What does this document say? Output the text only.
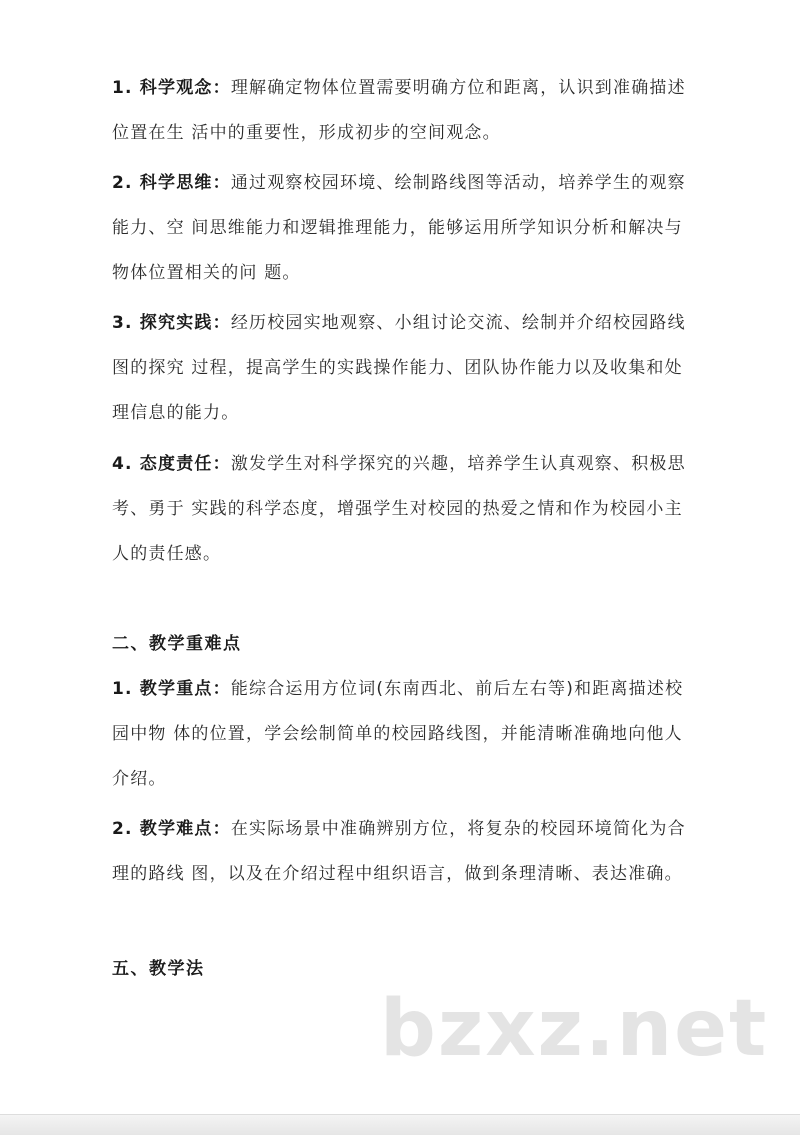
1. 科学观念：理解确定物体位置需要明确方位和距离，认识到准确描述位置在生 活中的重要性，形成初步的空间观念。
2. 科学思维：通过观察校园环境、绘制路线图等活动，培养学生的观察能力、空 间思维能力和逻辑推理能力，能够运用所学知识分析和解决与物体位置相关的问 题。
3. 探究实践：经历校园实地观察、小组讨论交流、绘制并介绍校园路线图的探究 过程，提高学生的实践操作能力、团队协作能力以及收集和处理信息的能力。
4. 态度责任：激发学生对科学探究的兴趣，培养学生认真观察、积极思考、勇于 实践的科学态度，增强学生对校园的热爱之情和作为校园小主人的责任感。
二、教学重难点
1. 教学重点：能综合运用方位词(东南西北、前后左右等)和距离描述校园中物 体的位置，学会绘制简单的校园路线图，并能清晰准确地向他人介绍。
2. 教学难点：在实际场景中准确辨别方位，将复杂的校园环境简化为合理的路线 图，以及在介绍过程中组织语言，做到条理清晰、表达准确。
五、教学法
bzxz.net
